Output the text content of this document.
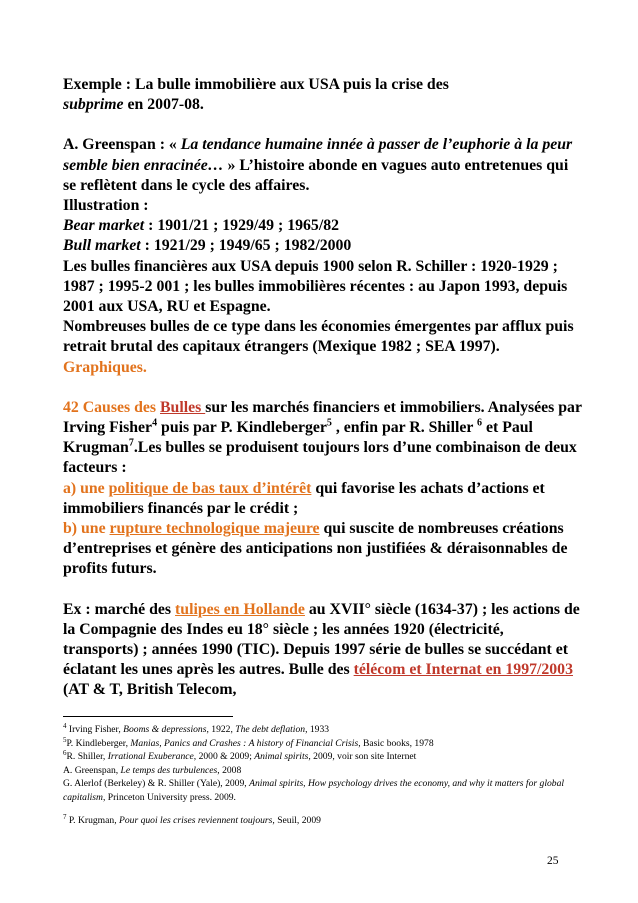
Exemple : La bulle immobilière aux USA puis la crise des
subprime en 2007-08.

A. Greenspan : « La tendance humaine innée à passer de l’euphorie à la peur semble bien enracinée… » L’histoire abonde en vagues auto entretenues qui se reflètent dans le cycle des affaires.

Illustration :

Bear market : 1901/21 ; 1929/49 ; 1965/82

Bull market : 1921/29 ; 1949/65 ; 1982/2000

Les bulles financières aux USA depuis 1900 selon R. Schiller : 1920-1929 ; 1987 ; 1995-2 001 ; les bulles immobilières récentes : au Japon 1993, depuis 2001 aux USA, RU et Espagne.

Nombreuses bulles de ce type dans les économies émergentes par afflux puis retrait brutal des capitaux étrangers (Mexique 1982 ; SEA 1997).

Graphiques.

42 Causes des Bulles sur les marchés financiers et immobiliers. Analysées par Irving Fisher$^4$ puis par P. Kindleberger$^5$ , enfin par R. Shiller $^6$ et Paul Krugman$^7$.Les bulles se produisent toujours lors d’une combinaison de deux facteurs :

a) une politique de bas taux d’intérêt qui favorise les achats d’actions et immobiliers financés par le crédit ;

b) une rupture technologique majeure qui suscite de nombreuses créations d’entreprises et génère des anticipations non justifiées & déraisonnables de profits futurs.

Ex : marché des tulipes en Hollande au XVII° siècle (1634-37) ; les actions de la Compagnie des Indes eu 18° siècle ; les années 1920 (électricité, transports) ; années 1990 (TIC). Depuis 1997 série de bulles se succédant et éclatant les unes après les autres. Bulle des télécom et Internat en 1997/2003 (AT & T, British Telecom,

$^4$ Irving Fisher, Booms & depressions, 1922, The debt deflation, 1933

$^5$P. Kindleberger, Manias, Panics and Crashes : A history of Financial Crisis, Basic books, 1978

$^6$R. Shiller, Irrational Exuberance, 2000 & 2009; Animal spirits, 2009, voir son site Internet

A. Greenspan, Le temps des turbulences, 2008

G. Alerlof (Berkeley) & R. Shiller (Yale), 2009, Animal spirits, How psychology drives the economy, and why it matters for global capitalism, Princeton University press. 2009.

$^7$ P. Krugman, Pour quoi les crises reviennent toujours, Seuil, 2009

25
